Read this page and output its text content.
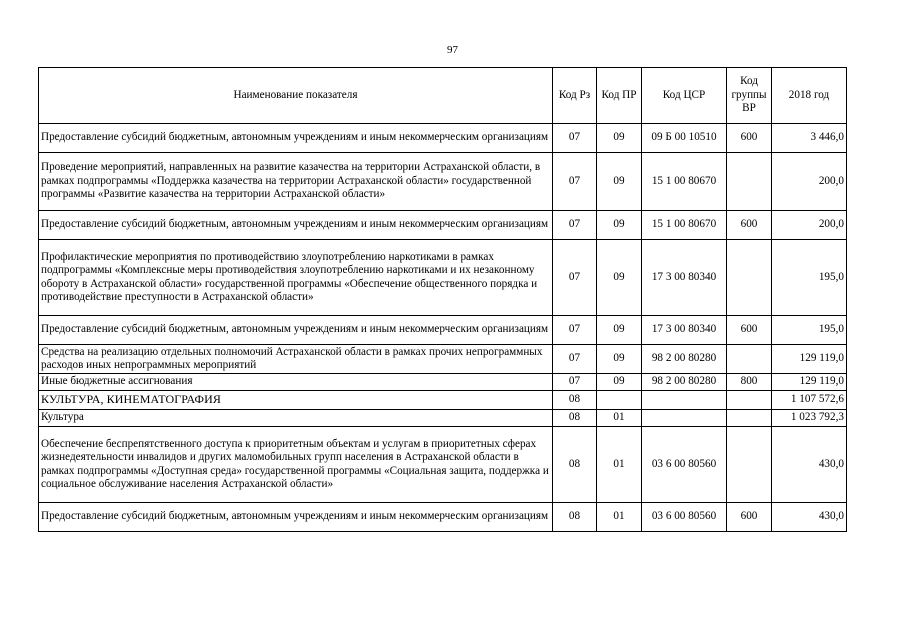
97
Наименование показателя	Код Рз	Код ПР	Код ЦСР	Код группы ВР	2018 год
Предоставление субсидий бюджетным, автономным учреждениям и иным некоммерческим организациям	07	09	09 Б 00 10510	600	3 446,0
Проведение мероприятий, направленных на развитие казачества на территории Астраханской области, в рамках подпрограммы «Поддержка казачества на территории Астраханской области» государственной программы «Развитие казачества на территории Астраханской области»	07	09	15 1 00 80670		200,0
Предоставление субсидий бюджетным, автономным учреждениям и иным некоммерческим организациям	07	09	15 1 00 80670	600	200,0
Профилактические мероприятия по противодействию злоупотреблению наркотиками в рамках подпрограммы «Комплексные меры противодействия злоупотреблению наркотиками и их незаконному обороту в Астраханской области» государственной программы «Обеспечение общественного порядка и противодействие преступности в Астраханской области»	07	09	17 3 00 80340		195,0
Предоставление субсидий бюджетным, автономным учреждениям и иным некоммерческим организациям	07	09	17 3 00 80340	600	195,0
Средства на реализацию отдельных полномочий Астраханской области в рамках прочих непрограммных расходов иных непрограммных мероприятий	07	09	98 2 00 80280		129 119,0
Иные бюджетные ассигнования	07	09	98 2 00 80280	800	129 119,0
КУЛЬТУРА, КИНЕМАТОГРАФИЯ	08				1 107 572,6
Культура	08	01			1 023 792,3
Обеспечение беспрепятственного доступа к приоритетным объектам и услугам в приоритетных сферах жизнедеятельности инвалидов и других маломобильных групп населения в Астраханской области в рамках подпрограммы «Доступная среда» государственной программы «Социальная защита, поддержка и социальное обслуживание населения Астраханской области»	08	01	03 6 00 80560		430,0
Предоставление субсидий бюджетным, автономным учреждениям и иным некоммерческим организациям	08	01	03 6 00 80560	600	430,0
